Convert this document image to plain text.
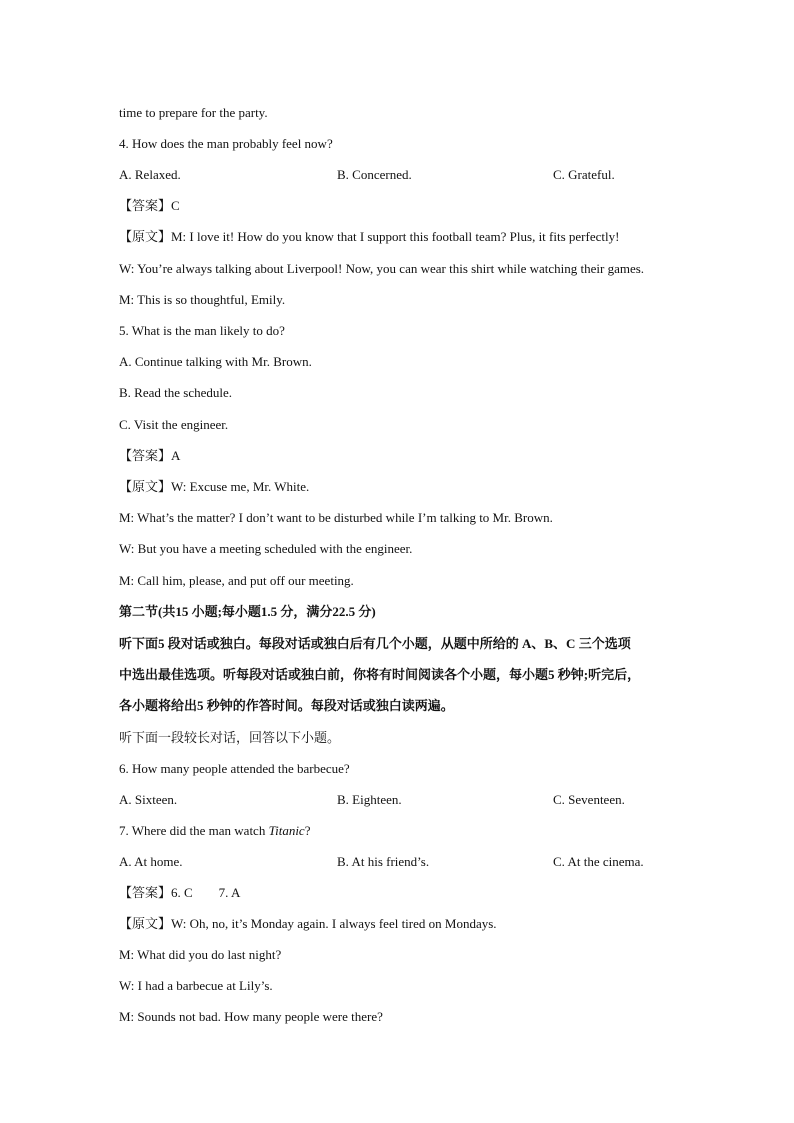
time to prepare for the party.
4. How does the man probably feel now?
A. Relaxed.	B. Concerned.	C. Grateful.
【答案】C
【原文】M: I love it! How do you know that I support this football team? Plus, it fits perfectly!
W: You’re always talking about Liverpool! Now, you can wear this shirt while watching their games.
M: This is so thoughtful, Emily.
5. What is the man likely to do?
A. Continue talking with Mr. Brown.
B. Read the schedule.
C. Visit the engineer.
【答案】A
【原文】W: Excuse me, Mr. White.
M: What’s the matter? I don’t want to be disturbed while I’m talking to Mr. Brown.
W: But you have a meeting scheduled with the engineer.
M: Call him, please, and put off our meeting.
第二节(共15 小题;每小题1.5 分，满分22.5 分)
听下面5 段对话或独白。每段对话或独白后有几个小题，从题中所给的 A、B、C 三个选项
中选出最佳选项。听每段对话或独白前，你将有时间阅读各个小题，每小题5 秒钟;听完后，
各小题将给出5 秒钟的作答时间。每段对话或独白读两遍。
听下面一段较长对话，回答以下小题。
6. How many people attended the barbecue?
A. Sixteen.	B. Eighteen.	C. Seventeen.
7. Where did the man watch Titanic?
A. At home.	B. At his friend’s.	C. At the cinema.
【答案】6. C 7. A
【原文】W: Oh, no, it’s Monday again. I always feel tired on Mondays.
M: What did you do last night?
W: I had a barbecue at Lily’s.
M: Sounds not bad. How many people were there?
